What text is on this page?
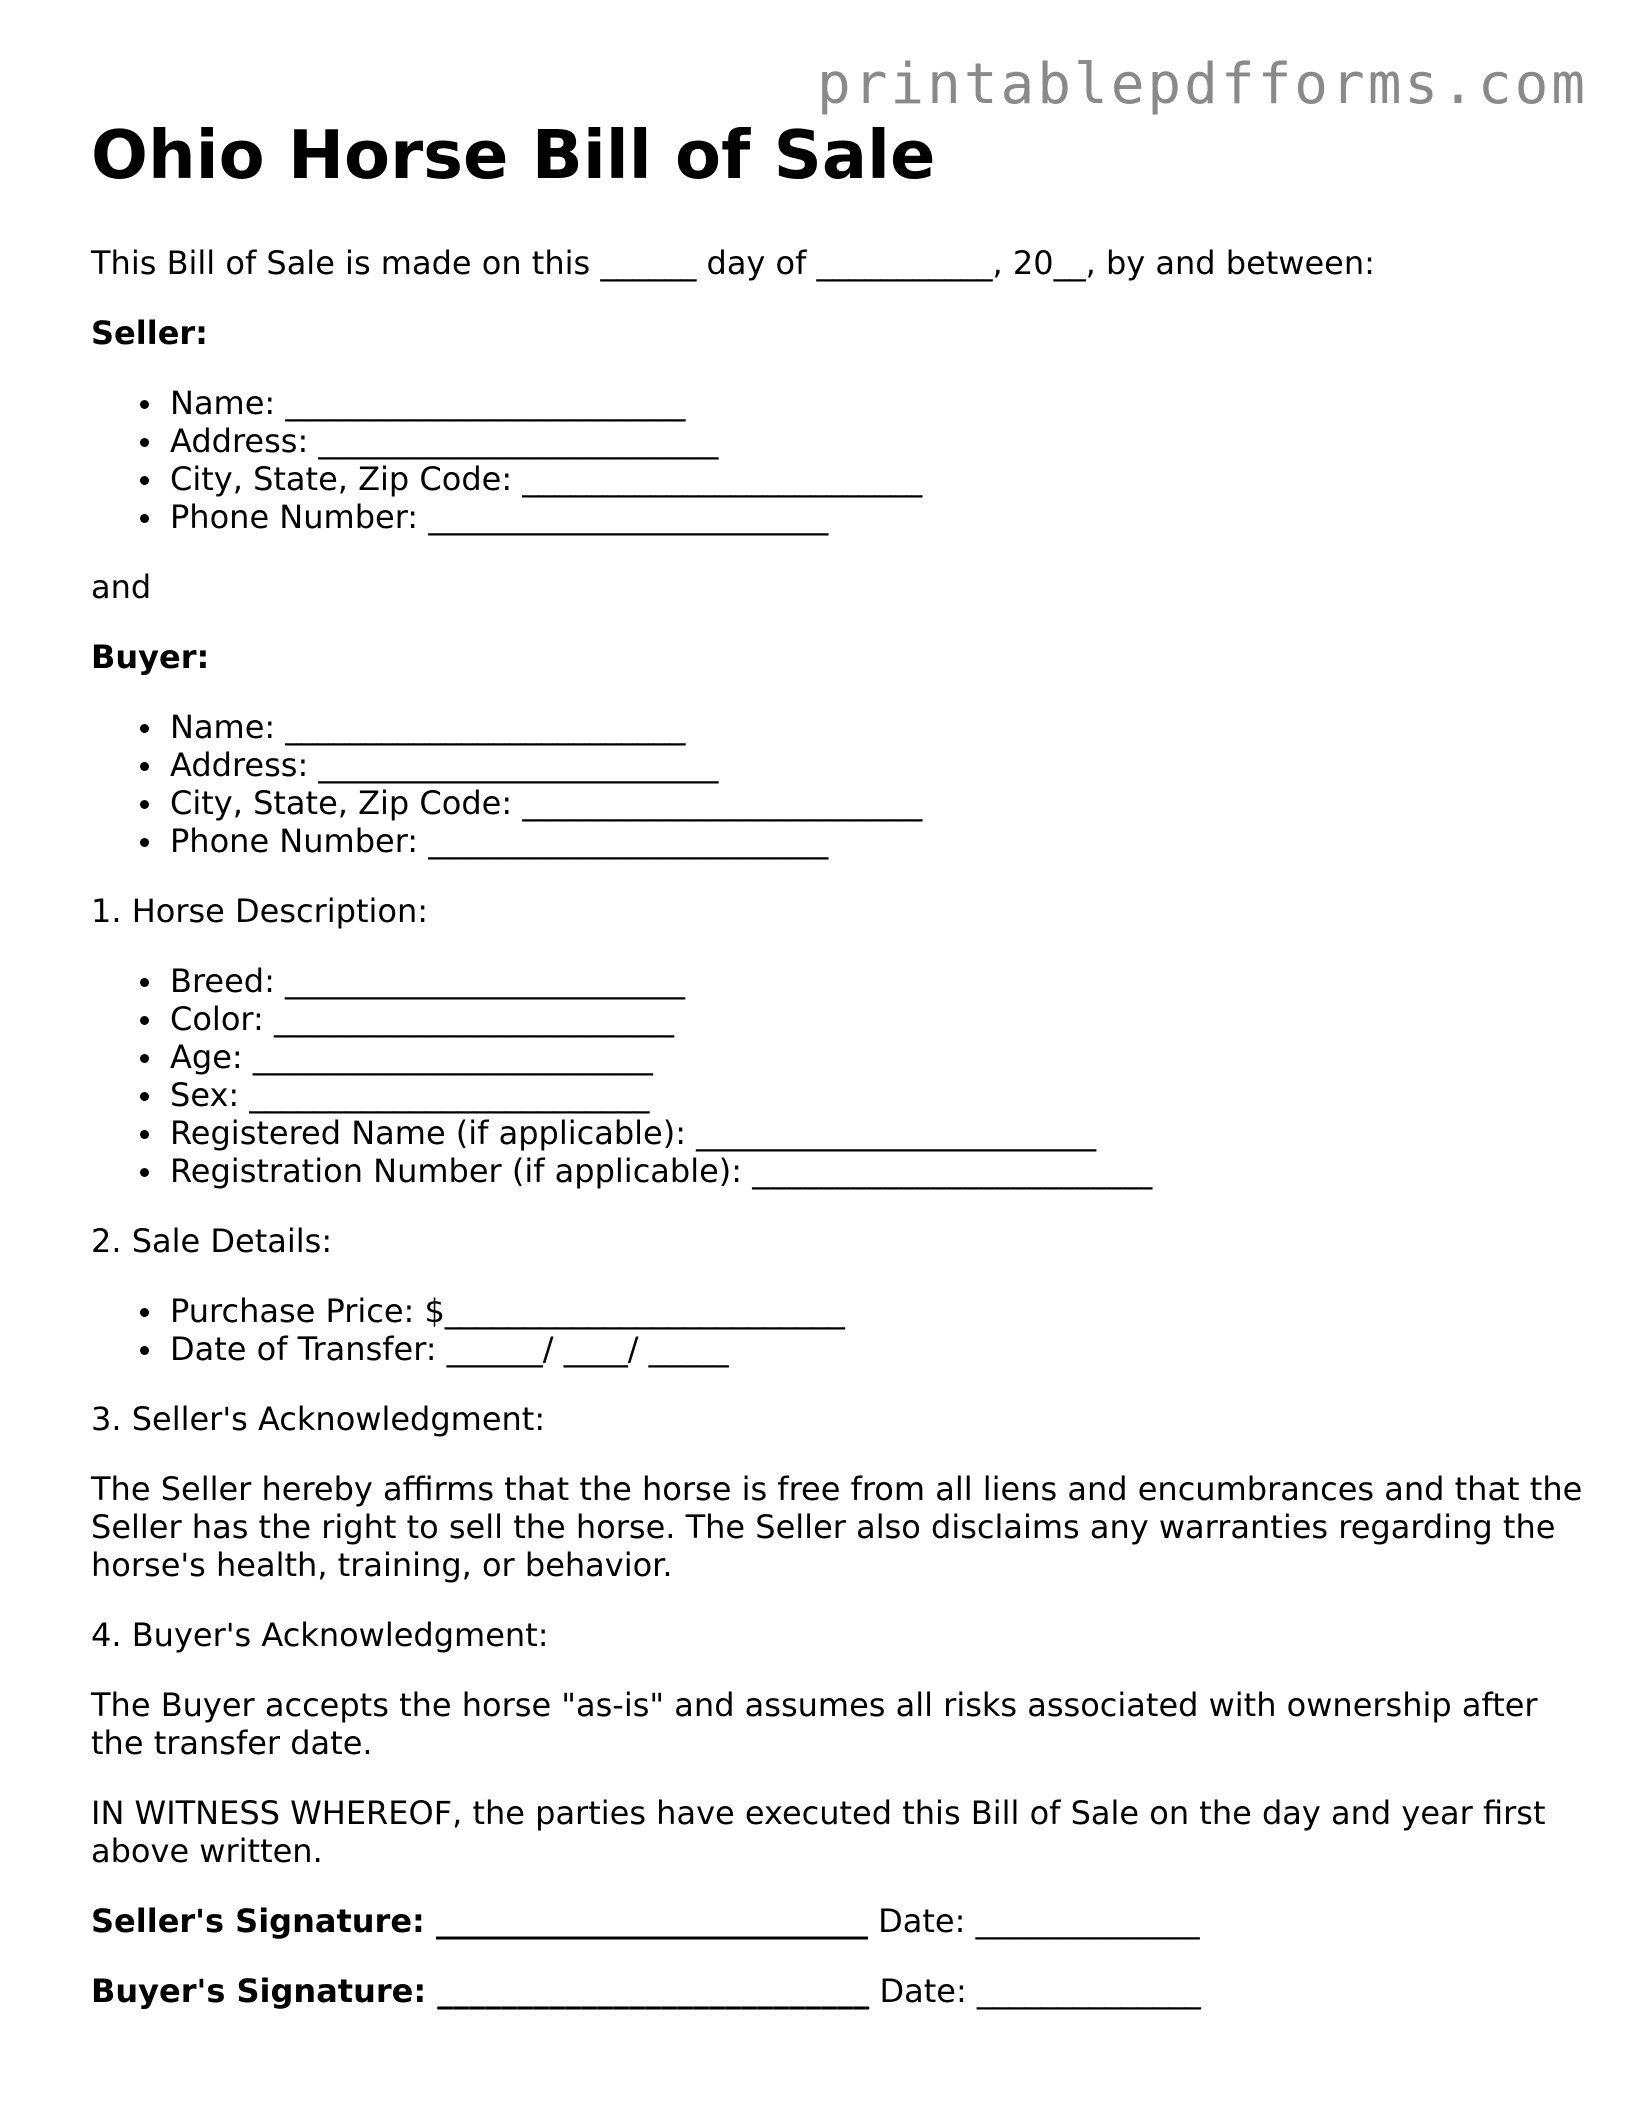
printablepdfforms.com
Ohio Horse Bill of Sale

This Bill of Sale is made on this ______ day of ___________, 20__, by and between:

Seller:

Name: _________________________
Address: _________________________
City, State, Zip Code: _________________________
Phone Number: _________________________

and

Buyer:

Name: _________________________
Address: _________________________
City, State, Zip Code: _________________________
Phone Number: _________________________

1. Horse Description:

Breed: _________________________
Color: _________________________
Age: _________________________
Sex: _________________________
Registered Name (if applicable): _________________________
Registration Number (if applicable): _________________________

2. Sale Details:

Purchase Price: $_________________________
Date of Transfer: ______/ ____/ _____

3. Seller's Acknowledgment:

The Seller hereby affirms that the horse is free from all liens and encumbrances and that the Seller has the right to sell the horse. The Seller also disclaims any warranties regarding the horse's health, training, or behavior.

4. Buyer's Acknowledgment:

The Buyer accepts the horse "as-is" and assumes all risks associated with ownership after the transfer date.

IN WITNESS WHEREOF, the parties have executed this Bill of Sale on the day and year first above written.

Seller's Signature: ___________________________ Date: ______________
Buyer's Signature: ___________________________ Date: ______________
